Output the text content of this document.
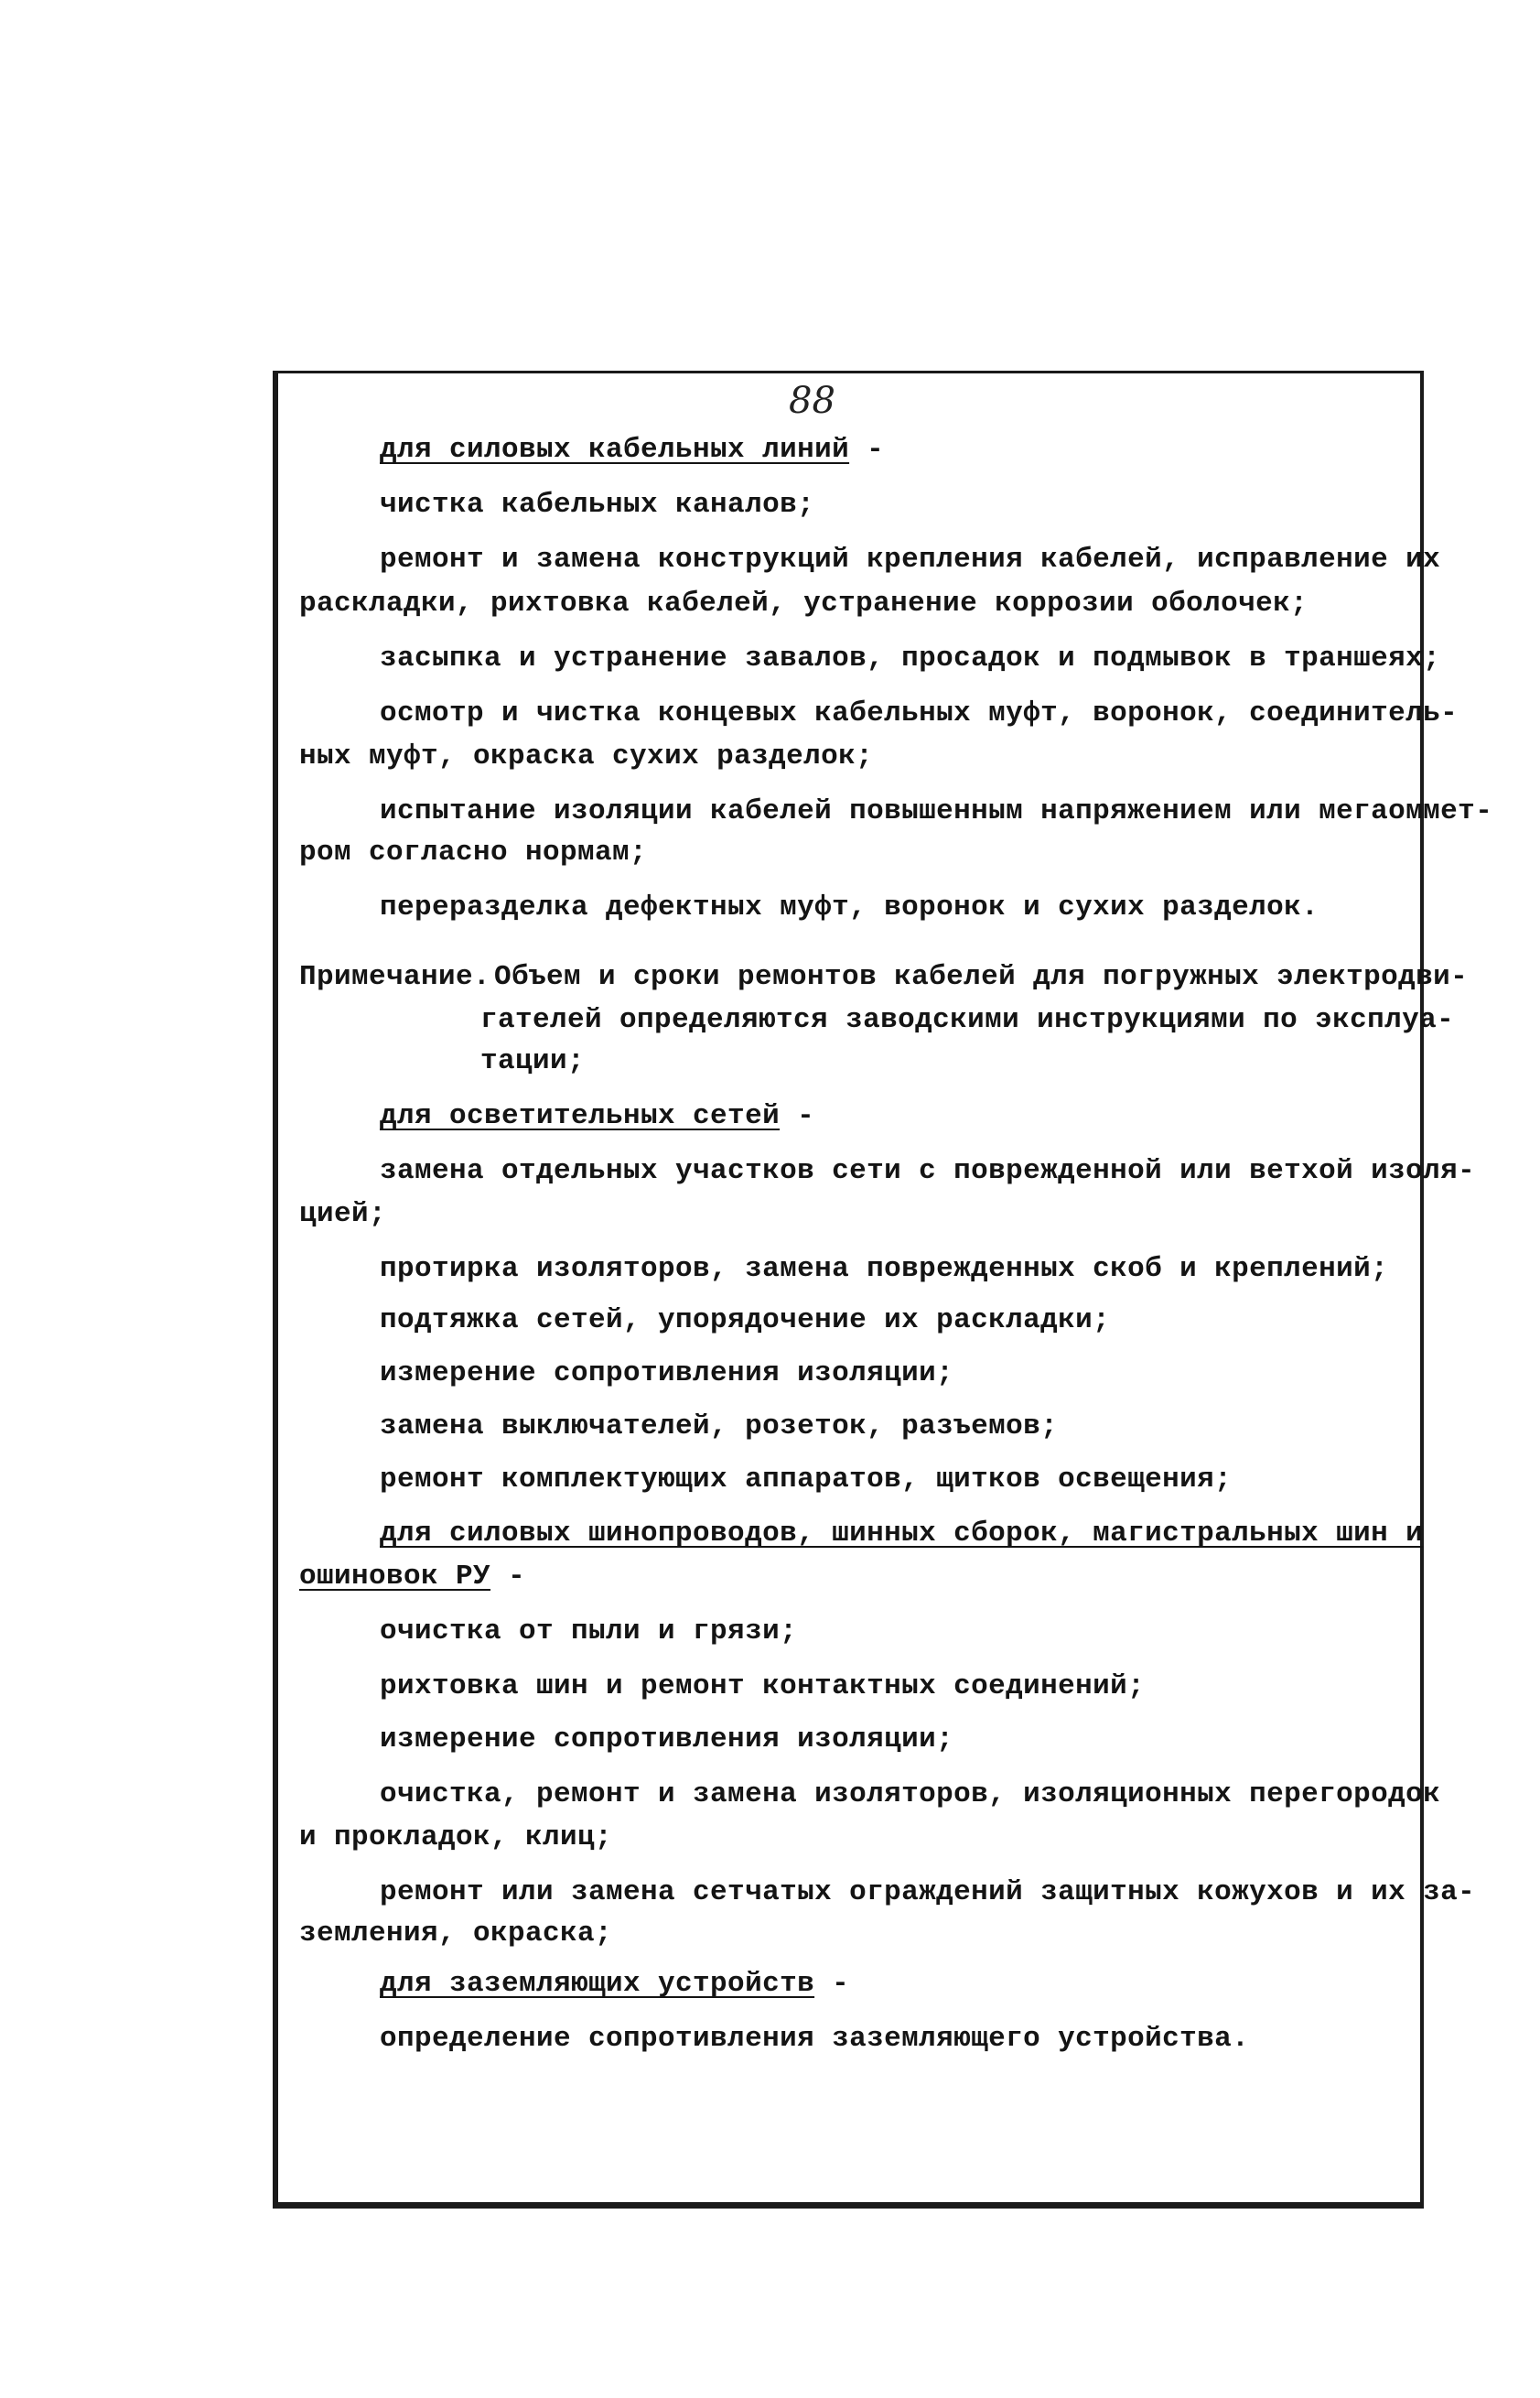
88
для силовых кабельных линий -
чистка кабельных каналов;
ремонт и замена конструкций крепления кабелей, исправление их
раскладки, рихтовка кабелей, устранение коррозии оболочек;
засыпка и устранение завалов, просадок и подмывок в траншеях;
осмотр и чистка концевых кабельных муфт, воронок, соединитель-
ных муфт, окраска сухих разделок;
испытание изоляции кабелей повышенным напряжением или мегаоммет-
ром согласно нормам;
переразделка дефектных муфт, воронок и сухих разделок.
Примечание. Объем и сроки ремонтов кабелей для погружных электродви-
гателей определяются заводскими инструкциями по эксплуа-
тации;
для осветительных сетей -
замена отдельных участков сети с поврежденной или ветхой изоля-
цией;
протирка изоляторов, замена поврежденных скоб и креплений;
подтяжка сетей, упорядочение их раскладки;
измерение сопротивления изоляции;
замена выключателей, розеток, разъемов;
ремонт комплектующих аппаратов, щитков освещения;
для силовых шинопроводов, шинных сборок, магистральных шин и
ошиновок РУ -
очистка от пыли и грязи;
рихтовка шин и ремонт контактных соединений;
измерение сопротивления изоляции;
очистка, ремонт и замена изоляторов, изоляционных перегородок
и прокладок, клиц;
ремонт или замена сетчатых ограждений защитных кожухов и их за-
земления, окраска;
для заземляющих устройств -
определение сопротивления заземляющего устройства.
